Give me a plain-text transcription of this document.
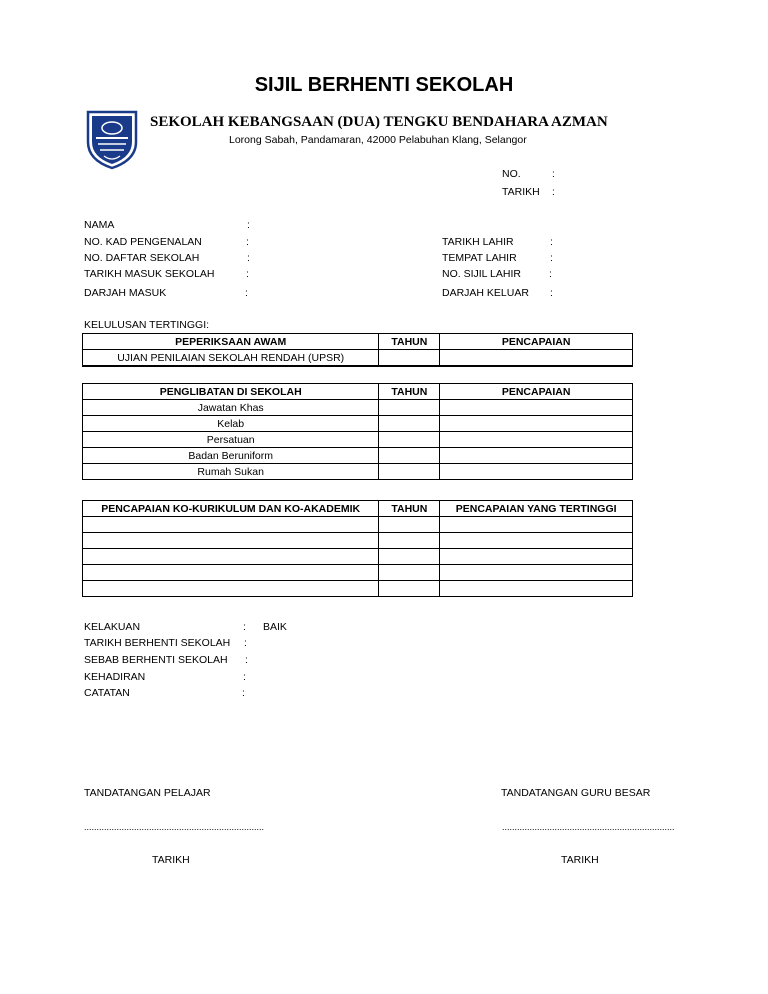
SIJIL BERHENTI SEKOLAH
SEKOLAH KEBANGSAAN (DUA) TENGKU BENDAHARA AZMAN
Lorong Sabah, Pandamaran, 42000 Pelabuhan Klang, Selangor
NO.	:
TARIKH :
NAMA	:
NO. KAD PENGENALAN	:
NO. DAFTAR SEKOLAH	:
TARIKH MASUK SEKOLAH	:
DARJAH MASUK	:
TARIKH LAHIR	:
TEMPAT LAHIR	:
NO. SIJIL LAHIR	:
DARJAH KELUAR :
KELULUSAN TERTINGGI:
PEPERIKSAAN AWAM	TAHUN	PENCAPAIAN
UJIAN PENILAIAN SEKOLAH RENDAH (UPSR)		
PENGLIBATAN DI SEKOLAH	TAHUN	PENCAPAIAN
Jawatan Khas		
Kelab		
Persatuan		
Badan Beruniform		
Rumah Sukan		
PENCAPAIAN KO-KURIKULUM DAN KO-AKADEMIK	TAHUN	PENCAPAIAN YANG TERTINGGI

KELAKUAN	: BAIK
TARIKH BERHENTI SEKOLAH :
SEBAB BERHENTI SEKOLAH :
KEHADIRAN	:
CATATAN	:
TANDATANGAN PELAJAR	TANDATANGAN GURU BESAR
........................................................................	.....................................................................
TARIKH	TARIKH
